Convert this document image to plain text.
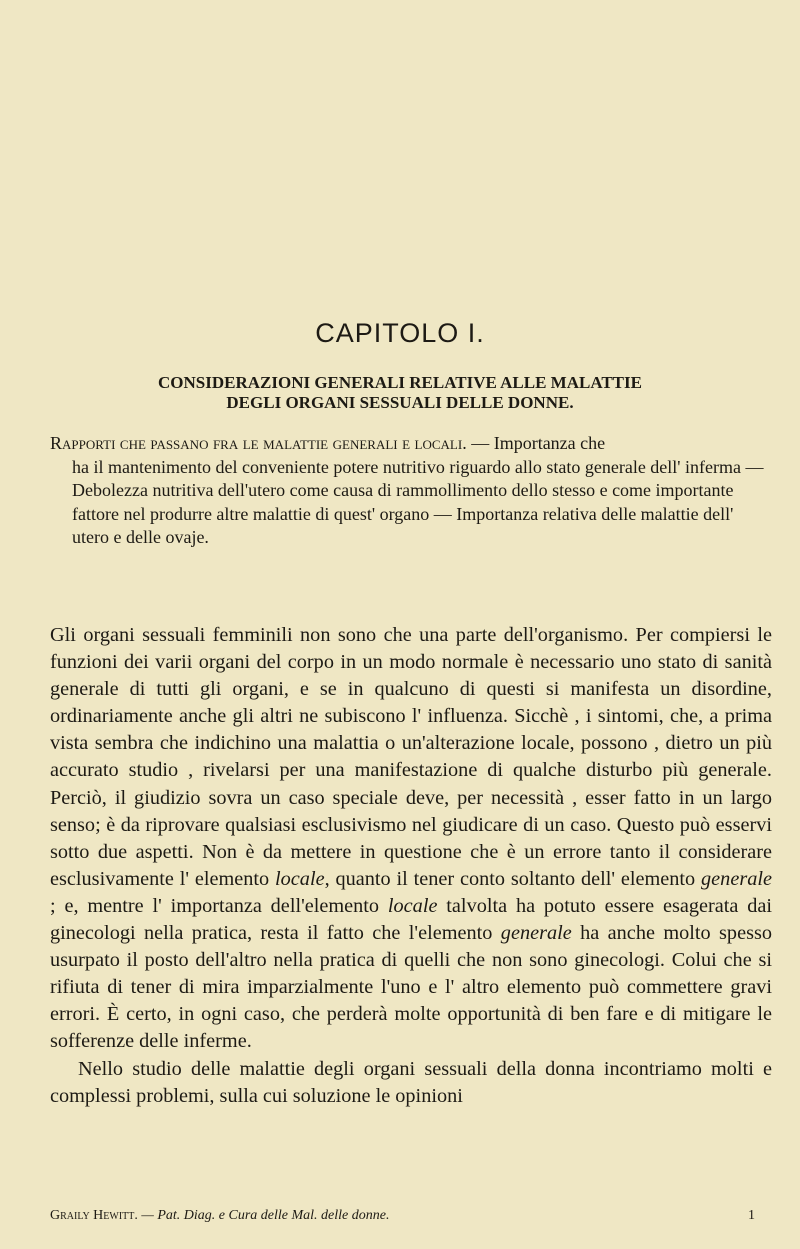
CAPITOLO I.
CONSIDERAZIONI GENERALI RELATIVE ALLE MALATTIE
DEGLI ORGANI SESSUALI DELLE DONNE.
Rapporti che passano fra le malattie generali e locali. — Importanza che
ha il mantenimento del conveniente potere nutritivo riguardo allo stato generale dell' inferma — Debolezza nutritiva dell'utero come causa di rammollimento dello stesso e come importante fattore nel produrre altre malattie di quest' organo — Importanza relativa delle malattie dell' utero e delle ovaje.

Gli organi sessuali femminili non sono che una parte dell'organismo. Per compiersi le funzioni dei varii organi del corpo in un modo normale è necessario uno stato di sanità generale di tutti gli organi, e se in qualcuno di questi si manifesta un disordine, ordinariamente anche gli altri ne subiscono l' influenza. Sicchè , i sintomi, che, a prima vista sembra che indichino una malattia o un'alterazione locale, possono , dietro un più accurato studio , rivelarsi per una manifestazione di qualche disturbo più generale. Perciò, il giudizio sovra un caso speciale deve, per necessità , esser fatto in un largo senso; è da riprovare qualsiasi esclusivismo nel giudicare di un caso. Questo può esservi sotto due aspetti. Non è da mettere in questione che è un errore tanto il considerare esclusivamente l' elemento locale, quanto il tener conto soltanto dell' elemento generale ; e, mentre l' importanza dell'elemento locale talvolta ha potuto essere esagerata dai ginecologi nella pratica, resta il fatto che l'elemento generale ha anche molto spesso usurpato il posto dell'altro nella pratica di quelli che non sono ginecologi. Colui che si rifiuta di tener di mira imparzialmente l'uno e l' altro elemento può commettere gravi errori. È certo, in ogni caso, che perderà molte opportunità di ben fare e di mitigare le sofferenze delle inferme.

Nello studio delle malattie degli organi sessuali della donna incontriamo molti e complessi problemi, sulla cui soluzione le opinioni

Graily Hewitt. — Pat. Diag. e Cura delle Mal. delle donne.	1
